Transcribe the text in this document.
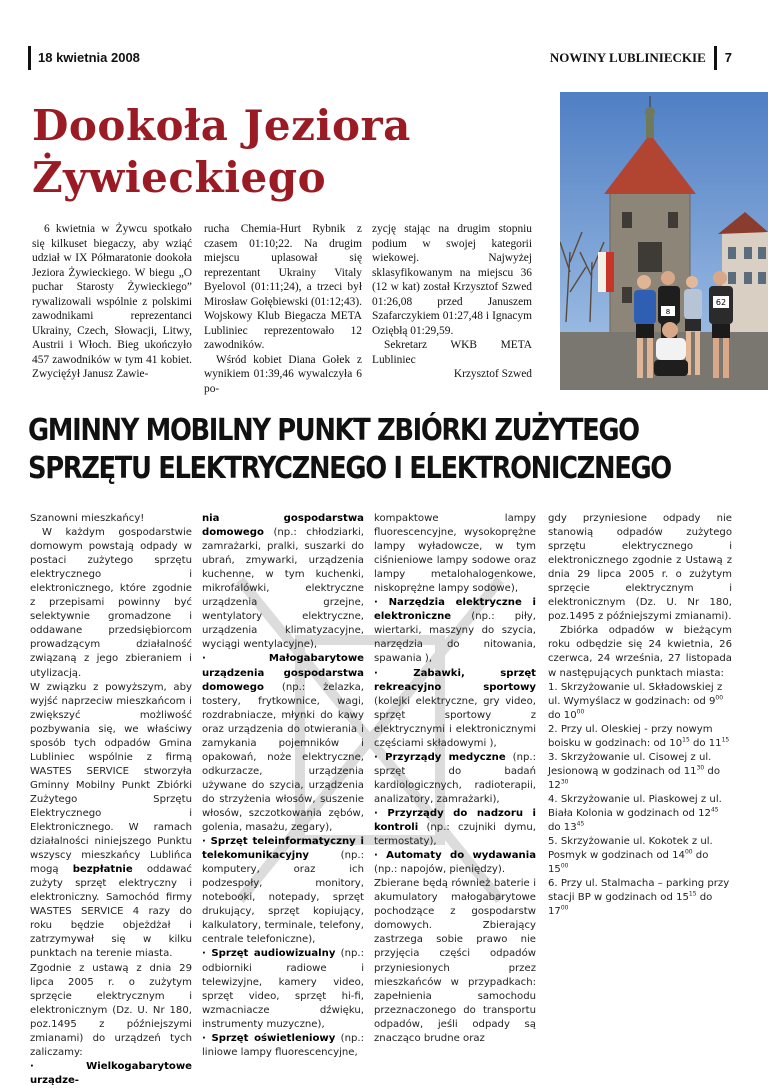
18 kwietnia 2008	NOWINY LUBLINIECKIE 7
Dookoła Jeziora
Żywieckiego

6 kwietnia w Żywcu spotkało się kilkuset biegaczy, aby wziąć udział w IX Półmaratonie dookoła Jeziora Żywieckiego. W biegu „O puchar Starosty Żywieckiego” rywalizowali wspólnie z polskimi zawodnikami reprezentanci Ukrainy, Czech, Słowacji, Litwy, Austrii i Włoch. Bieg ukończyło 457 zawodników w tym 41 kobiet. Zwycięźył Janusz Zawie-

rucha Chemia-Hurt Rybnik z czasem 01:10;22. Na drugim miejscu uplasował się reprezentant Ukrainy Vitaly Byelovol (01:11;24), a trzeci był Mirosław Gołębiewski (01:12;43). Wojskowy Klub Biegacza META Lubliniec reprezentowało 12 zawodników.

Wśród kobiet Diana Gołek z wynikiem 01:39,46 wywalczyła 6 po-

zycję stając na drugim stopniu podium w swojej kategorii wiekowej. Najwyżej sklasyfikowanym na miejscu 36 (12 w kat) został Krzysztof Szwed 01:26,08 przed Januszem Szafarczykiem 01:27,48 i Ignacym Oziębłą 01:29,59.

Sekretarz WKB META Lubliniec

Krzysztof Szwed

8
62
GMINNY MOBILNY PUNKT ZBIÓRKI ZUŻYTEGO
SPRZĘTU ELEKTRYCZNEGO I ELEKTRONICZNEGO

Szanowni mieszkańcy!

W każdym gospodarstwie domowym powstają odpady w postaci zużytego sprzętu elektrycznego i elektronicznego, które zgodnie z przepisami powinny być selektywnie gromadzone i oddawane przedsiębiorcom prowadzącym działalność związaną z jego zbieraniem i utylizacją.

W związku z powyższym, aby wyjść naprzeciw mieszkańcom i zwiększyć możliwość pozbywania się, we właściwy sposób tych odpadów Gmina Lubliniec wspólnie z firmą WASTES SERVICE stworzyła Gminny Mobilny Punkt Zbiórki Zużytego Sprzętu Elektrycznego i Elektronicznego. W ramach działalności niniejszego Punktu wszyscy mieszkańcy Lublińca mogą bezpłatnie oddawać zużyty sprzęt elektryczny i elektroniczny. Samochód firmy WASTES SERVICE 4 razy do roku będzie objeżdżał i zatrzymywał się w kilku punktach na terenie miasta.

Zgodnie z ustawą z dnia 29 lipca 2005 r. o zużytym sprzęcie elektrycznym i elektronicznym (Dz. U. Nr 180, poz.1495 z późniejszymi zmianami) do urządzeń tych zaliczamy:

· Wielkogabarytowe urządze-

nia gospodarstwa domowego (np.: chłodziarki, zamrażarki, pralki, suszarki do ubrań, zmywarki, urządzenia kuchenne, w tym kuchenki, mikrofalówki, elektryczne urządzenia grzejne, wentylatory elektryczne, urządzenia klimatyzacyjne, wyciągi wentylacyjne),

· Małogabarytowe urządzenia gospodarstwa domowego (np.: żelazka, tostery, frytkownice, wagi, rozdrabniacze, młynki do kawy oraz urządzenia do otwierania i zamykania pojemników i opakowań, noże elektryczne, odkurzacze, urządzenia używane do szycia, urządzenia do strzyżenia włosów, suszenie włosów, szczotkowania zębów, golenia, masażu, zegary),

· Sprzęt teleinformatyczny i telekomunikacyjny	(np.: komputery, oraz ich podzespoły, monitory, notebooki, notepady, sprzęt drukujący, sprzęt kopiujący, kalkulatory, terminale, telefony, centrale telefoniczne),

· Sprzęt audiowizualny (np.: odbiorniki radiowe i telewizyjne, kamery video, sprzęt video, sprzęt hi-fi, wzmacniacze dźwięku, instrumenty muzyczne),

· Sprzęt oświetleniowy (np.: liniowe lampy fluorescencyjne,

kompaktowe lampy fluorescencyjne, wysokoprężne lampy wyładowcze, w tym ciśnieniowe lampy sodowe oraz lampy metalohalogenkowe, niskoprężne lampy sodowe),

· Narzędzia elektryczne i elektroniczne (np.: piły, wiertarki, maszyny do szycia, narzędzia do nitowania, spawania ),

· Zabawki, sprzęt rekreacyjno sportowy (kolejki elektryczne, gry video, sprzęt sportowy z elektrycznymi i elektronicznymi częściami składowymi ),

· Przyrządy medyczne (np.: sprzęt do badań kardiologicznych, radioterapii, analizatory, zamrażarki),

· Przyrządy do nadzoru i kontroli (np.: czujniki dymu, termostaty),

· Automaty do wydawania (np.: napojów, pieniędzy).

Zbierane będą również baterie i akumulatory małogabarytowe pochodzące z gospodarstw domowych. Zbierający zastrzega sobie prawo nie przyjęcia części odpadów przyniesionych przez mieszkańców w przypadkach: zapełnienia samochodu przeznaczonego do transportu odpadów, jeśli odpady są znacząco brudne oraz

gdy przyniesione odpady nie stanowią odpadów zużytego sprzętu elektrycznego i elektronicznego zgodnie z Ustawą z dnia 29 lipca 2005 r. o zużytym sprzęcie elektrycznym i elektronicznym (Dz. U. Nr 180, poz.1495 z późniejszymi zmianami).

Zbiórka odpadów w bieżącym roku odbędzie się 24 kwietnia, 26 czerwca, 24 września, 27 listopada w następujących punktach miasta:

1. Skrzyżowanie ul. Składowskiej z ul. Wymyślacz w godzinach: od $9^{00}$ do $10^{00}$

2. Przy ul. Oleskiej - przy nowym boisku w godzinach: od $10^{15}$ do $11^{15}$

3. Skrzyżowanie ul. Cisowej z ul. Jesionową w godzinach od $11^{30}$ do $12^{30}$

4. Skrzyżowanie ul. Piaskowej z ul. Biała Kolonia w godzinach od $12^{45}$ do $13^{45}$

5. Skrzyżowanie ul. Kokotek z ul. Posmyk w godzinach od $14^{00}$ do $15^{00}$

6. Przy ul. Stalmacha – parking przy stacji BP w godzinach od $15^{15}$ do $17^{00}$
